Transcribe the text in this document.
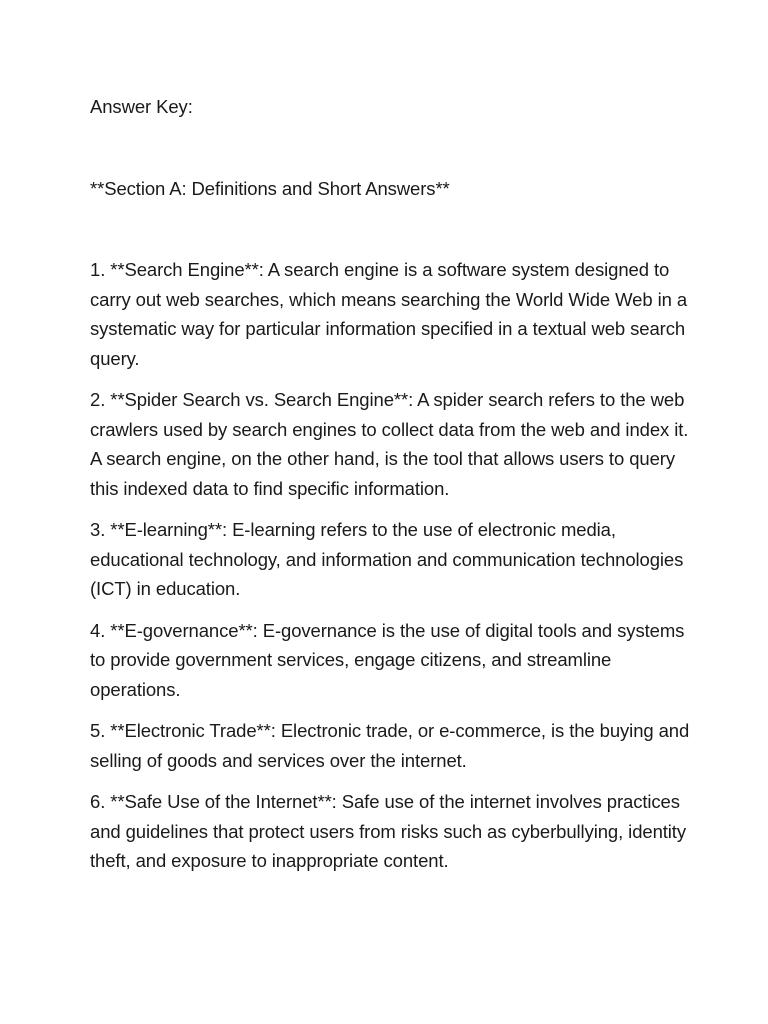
Answer Key:

**Section A: Definitions and Short Answers**

1. **Search Engine**: A search engine is a software system designed to carry out web searches, which means searching the World Wide Web in a systematic way for particular information specified in a textual web search query.

2. **Spider Search vs. Search Engine**: A spider search refers to the web crawlers used by search engines to collect data from the web and index it. A search engine, on the other hand, is the tool that allows users to query this indexed data to find specific information.

3. **E-learning**: E-learning refers to the use of electronic media, educational technology, and information and communication technologies (ICT) in education.

4. **E-governance**: E-governance is the use of digital tools and systems to provide government services, engage citizens, and streamline operations.

5. **Electronic Trade**: Electronic trade, or e-commerce, is the buying and selling of goods and services over the internet.

6. **Safe Use of the Internet**: Safe use of the internet involves practices and guidelines that protect users from risks such as cyberbullying, identity theft, and exposure to inappropriate content.
